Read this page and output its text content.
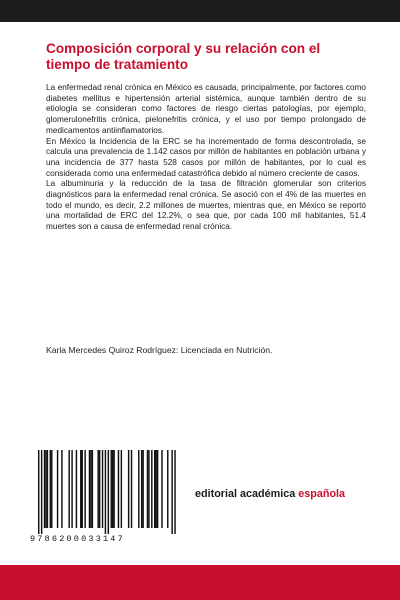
Composición corporal y su relación con el tiempo de tratamiento

La enfermedad renal crónica en México es causada, principalmente, por factores como diabetes mellitus e hipertensión arterial sistémica, aunque también dentro de su etiología se consideran como factores de riesgo ciertas patologías, por ejemplo, glomerulonefritis crónica, pielonefritis crónica, y el uso por tiempo prolongado de medicamentos antiinflamatorios.

En México la Incidencia de la ERC se ha incrementado de forma descontrolada, se calcula una prevalencia de 1.142 casos por millón de habitantes en población urbana y una incidencia de 377 hasta 528 casos por millón de habitantes, por lo cual es considerada como una enfermedad catastrófica debido al número creciente de casos.

La albuminuria y la reducción de la tasa de filtración glomerular son criterios diagnósticos para la enfermedad renal crónica. Se asoció con el 4% de las muertes en todo el mundo, es decir, 2.2 millones de muertes, mientras que, en México se reportó una mortalidad de ERC del 12.2%, o sea que, por cada 100 mil habitantes, 51.4 muertes son a causa de enfermedad renal crónica.

Karla Mercedes Quiroz Rodríguez: Licenciada en Nutrición.

9786200033147
editorial académica española
